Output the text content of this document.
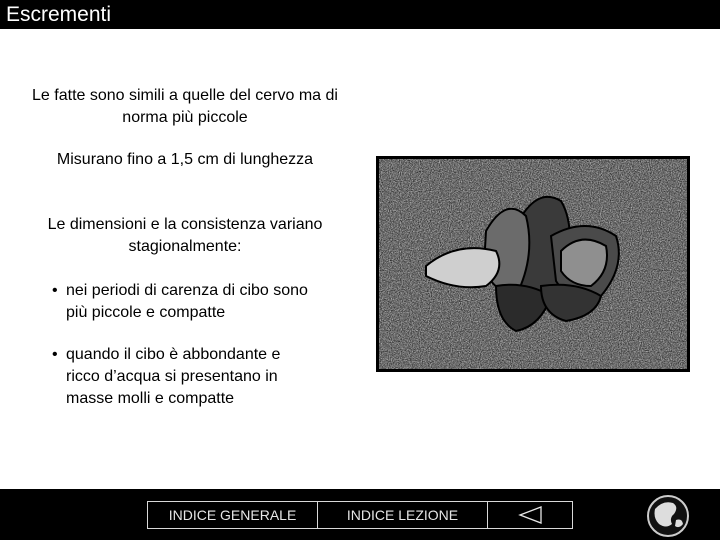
Escrementi
Le fatte sono simili a quelle del cervo ma di norma più piccole
Misurano fino a 1,5 cm di lunghezza
Le dimensioni e la consistenza variano stagionalmente:
• nei periodi di carenza di cibo sono più piccole e compatte
• quando il cibo è abbondante e ricco d’acqua si presentano in masse molli e compatte
INDICE GENERALE	INDICE LEZIONE
